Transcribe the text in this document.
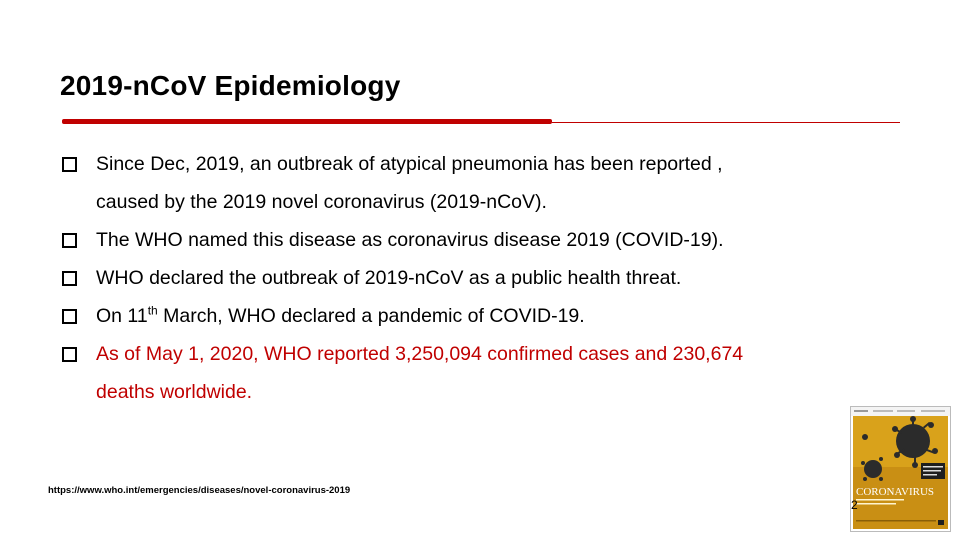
2019-nCoV Epidemiology
Since Dec, 2019, an outbreak of atypical pneumonia has been reported ,
caused by the 2019 novel coronavirus (2019-nCoV).
The WHO named this disease as coronavirus disease 2019 (COVID-19).
WHO declared the outbreak of 2019-nCoV as a public health threat.
On 11th March, WHO declared a pandemic of COVID-19.
As of May 1, 2020, WHO reported 3,250,094 confirmed cases and 230,674
deaths worldwide.
https://www.who.int/emergencies/diseases/novel-coronavirus-2019	CORONAVIRUS
2
